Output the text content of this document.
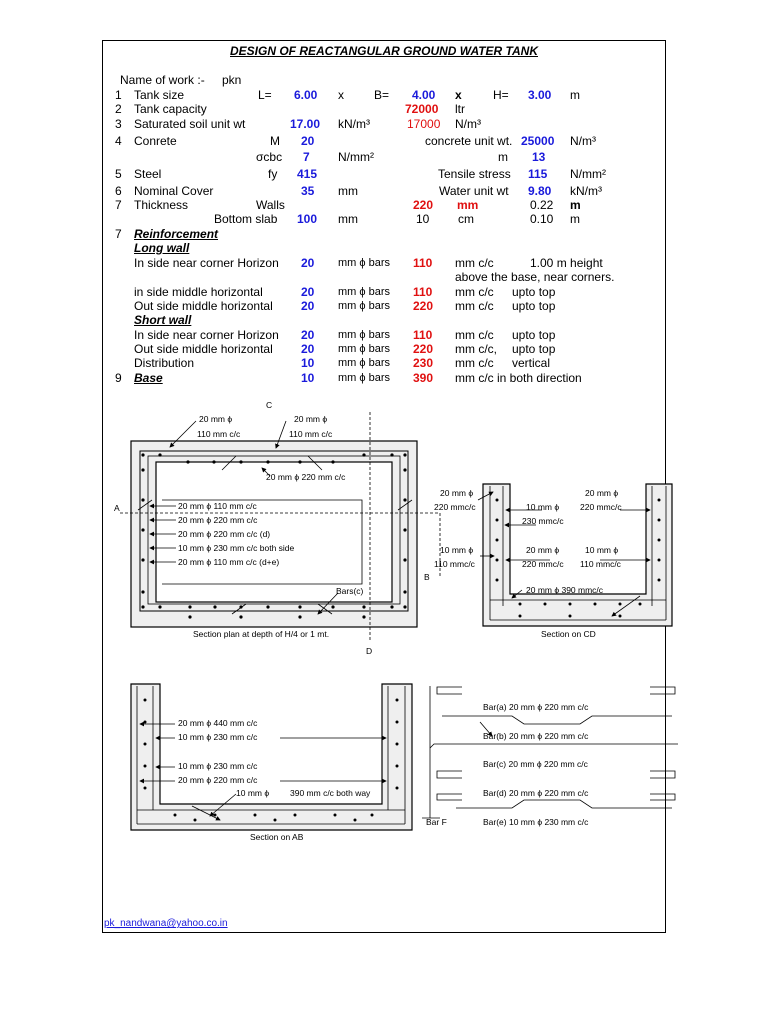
DESIGN OF REACTANGULAR GROUND WATER TANK
Name of work :- pkn
1 Tank size	L= 6.00 x	B= 4.00 x	H= 3.00 m
2 Tank capacity	72000 ltr
3 Saturated soil unit wt	17.00 kN/m³	17000 N/m³
4 Conrete	M 20	concrete unit wt. 25000 N/m³
σcbc 7 N/mm²	m 13
5 Steel	fy 415	Tensile stress 115 N/mm²
6 Nominal Cover	35 mm	Water unit wt 9.80 kN/m³
7 Thickness	Walls	220 mm	0.22 m
Bottom slab 100 mm	10 cm	0.10 m
7 Reinforcement
Long wall
In side near corner Horizon 20 mm ϕ bars 110 mm c/c	1.00 m height
above the base, near corners.
in side middle horizontal	20 mm ϕ bars 110 mm c/c upto top
Out side middle horizontal 20 mm ϕ bars 220 mm c/c upto top
Short wall
In side near corner Horizon 20 mm ϕ bars 110 mm c/c upto top
Out side middle horizontal 20 mm ϕ bars 220 mm c/c, upto top
Distribution	10 mm ϕ bars 230 mm c/c vertical
9 Base	10 mm ϕ bars 390 mm c/c in both direction
C
D
A
B
20 mm ϕ
110 mm c/c
20 mm ϕ
110 mm c/c
20 mm ϕ 220 mm c/c
20 mm ϕ 110 mm c/c
20 mm ϕ 220 mm c/c
20 mm ϕ 220 mm c/c (d)
10 mm ϕ 230 mm c/c both side
20 mm ϕ 110 mm c/c (d+e)
Bars(c)
Section plan at depth of H/4 or 1 mt.
20 mm ϕ
220 mmc/c
20 mm ϕ
10 mm ϕ 220 mmc/c
230 mmc/c
10 mm ϕ
110 mmc/c
20 mm ϕ
220 mmc/c
10 mm ϕ
110 mmc/c
20 mm ϕ 390 mmc/c
Section on CD
20 mm ϕ 440 mm c/c
10 mm ϕ 230 mm c/c
10 mm ϕ 230 mm c/c
20 mm ϕ 220 mm c/c
10 mm ϕ 390 mm c/c both way
Section on AB
Bar(a) 20 mm ϕ 220 mm c/c
Bar(b) 20 mm ϕ 220 mm c/c
Bar(c) 20 mm ϕ 220 mm c/c
Bar(d) 20 mm ϕ 220 mm c/c
Bar(e) 10 mm ϕ 230 mm c/c
Bar F
pk_nandwana@yahoo.co.in
